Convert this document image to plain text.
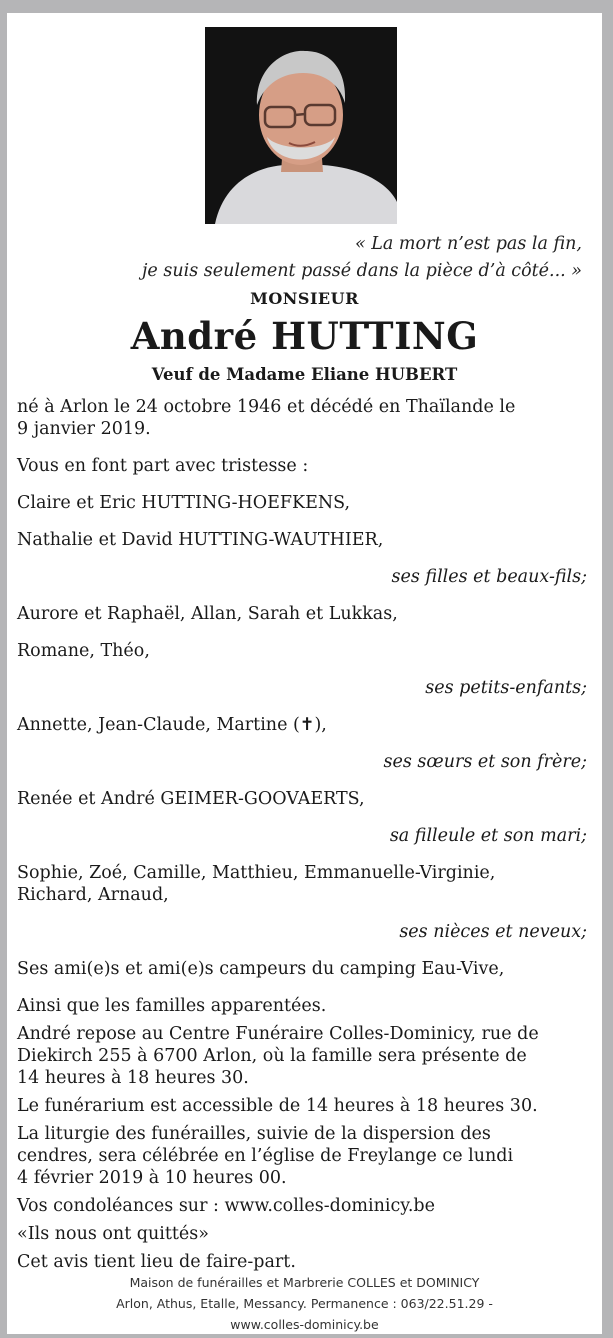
« La mort n’est pas la fin,
je suis seulement passé dans la pièce d’à côté... »
MONSIEUR
André HUTTING
Veuf de Madame Eliane HUBERT
né à Arlon le 24 octobre 1946 et décédé en Thaïlande le
9 janvier 2019.
Vous en font part avec tristesse :
Claire et Eric HUTTING-HOEFKENS,
Nathalie et David HUTTING-WAUTHIER,
ses filles et beaux-fils;
Aurore et Raphaël, Allan, Sarah et Lukkas,
Romane, Théo,
ses petits-enfants;
Annette, Jean-Claude, Martine (✝),
ses sœurs et son frère;
Renée et André GEIMER-GOOVAERTS,
sa filleule et son mari;
Sophie, Zoé, Camille, Matthieu, Emmanuelle-Virginie,
Richard, Arnaud,
ses nièces et neveux;
Ses ami(e)s et ami(e)s campeurs du camping Eau-Vive,
Ainsi que les familles apparentées.
André repose au Centre Funéraire Colles-Dominicy, rue de
Diekirch 255 à 6700 Arlon, où la famille sera présente de
14 heures à 18 heures 30.
Le funérarium est accessible de 14 heures à 18 heures 30.
La liturgie des funérailles, suivie de la dispersion des
cendres, sera célébrée en l’église de Freylange ce lundi
4 février 2019 à 10 heures 00.
Vos condoléances sur : www.colles-dominicy.be
«Ils nous ont quittés»
Cet avis tient lieu de faire-part.
Maison de funérailles et Marbrerie COLLES et DOMINICY
Arlon, Athus, Etalle, Messancy. Permanence : 063/22.51.29 -
www.colles-dominicy.be
